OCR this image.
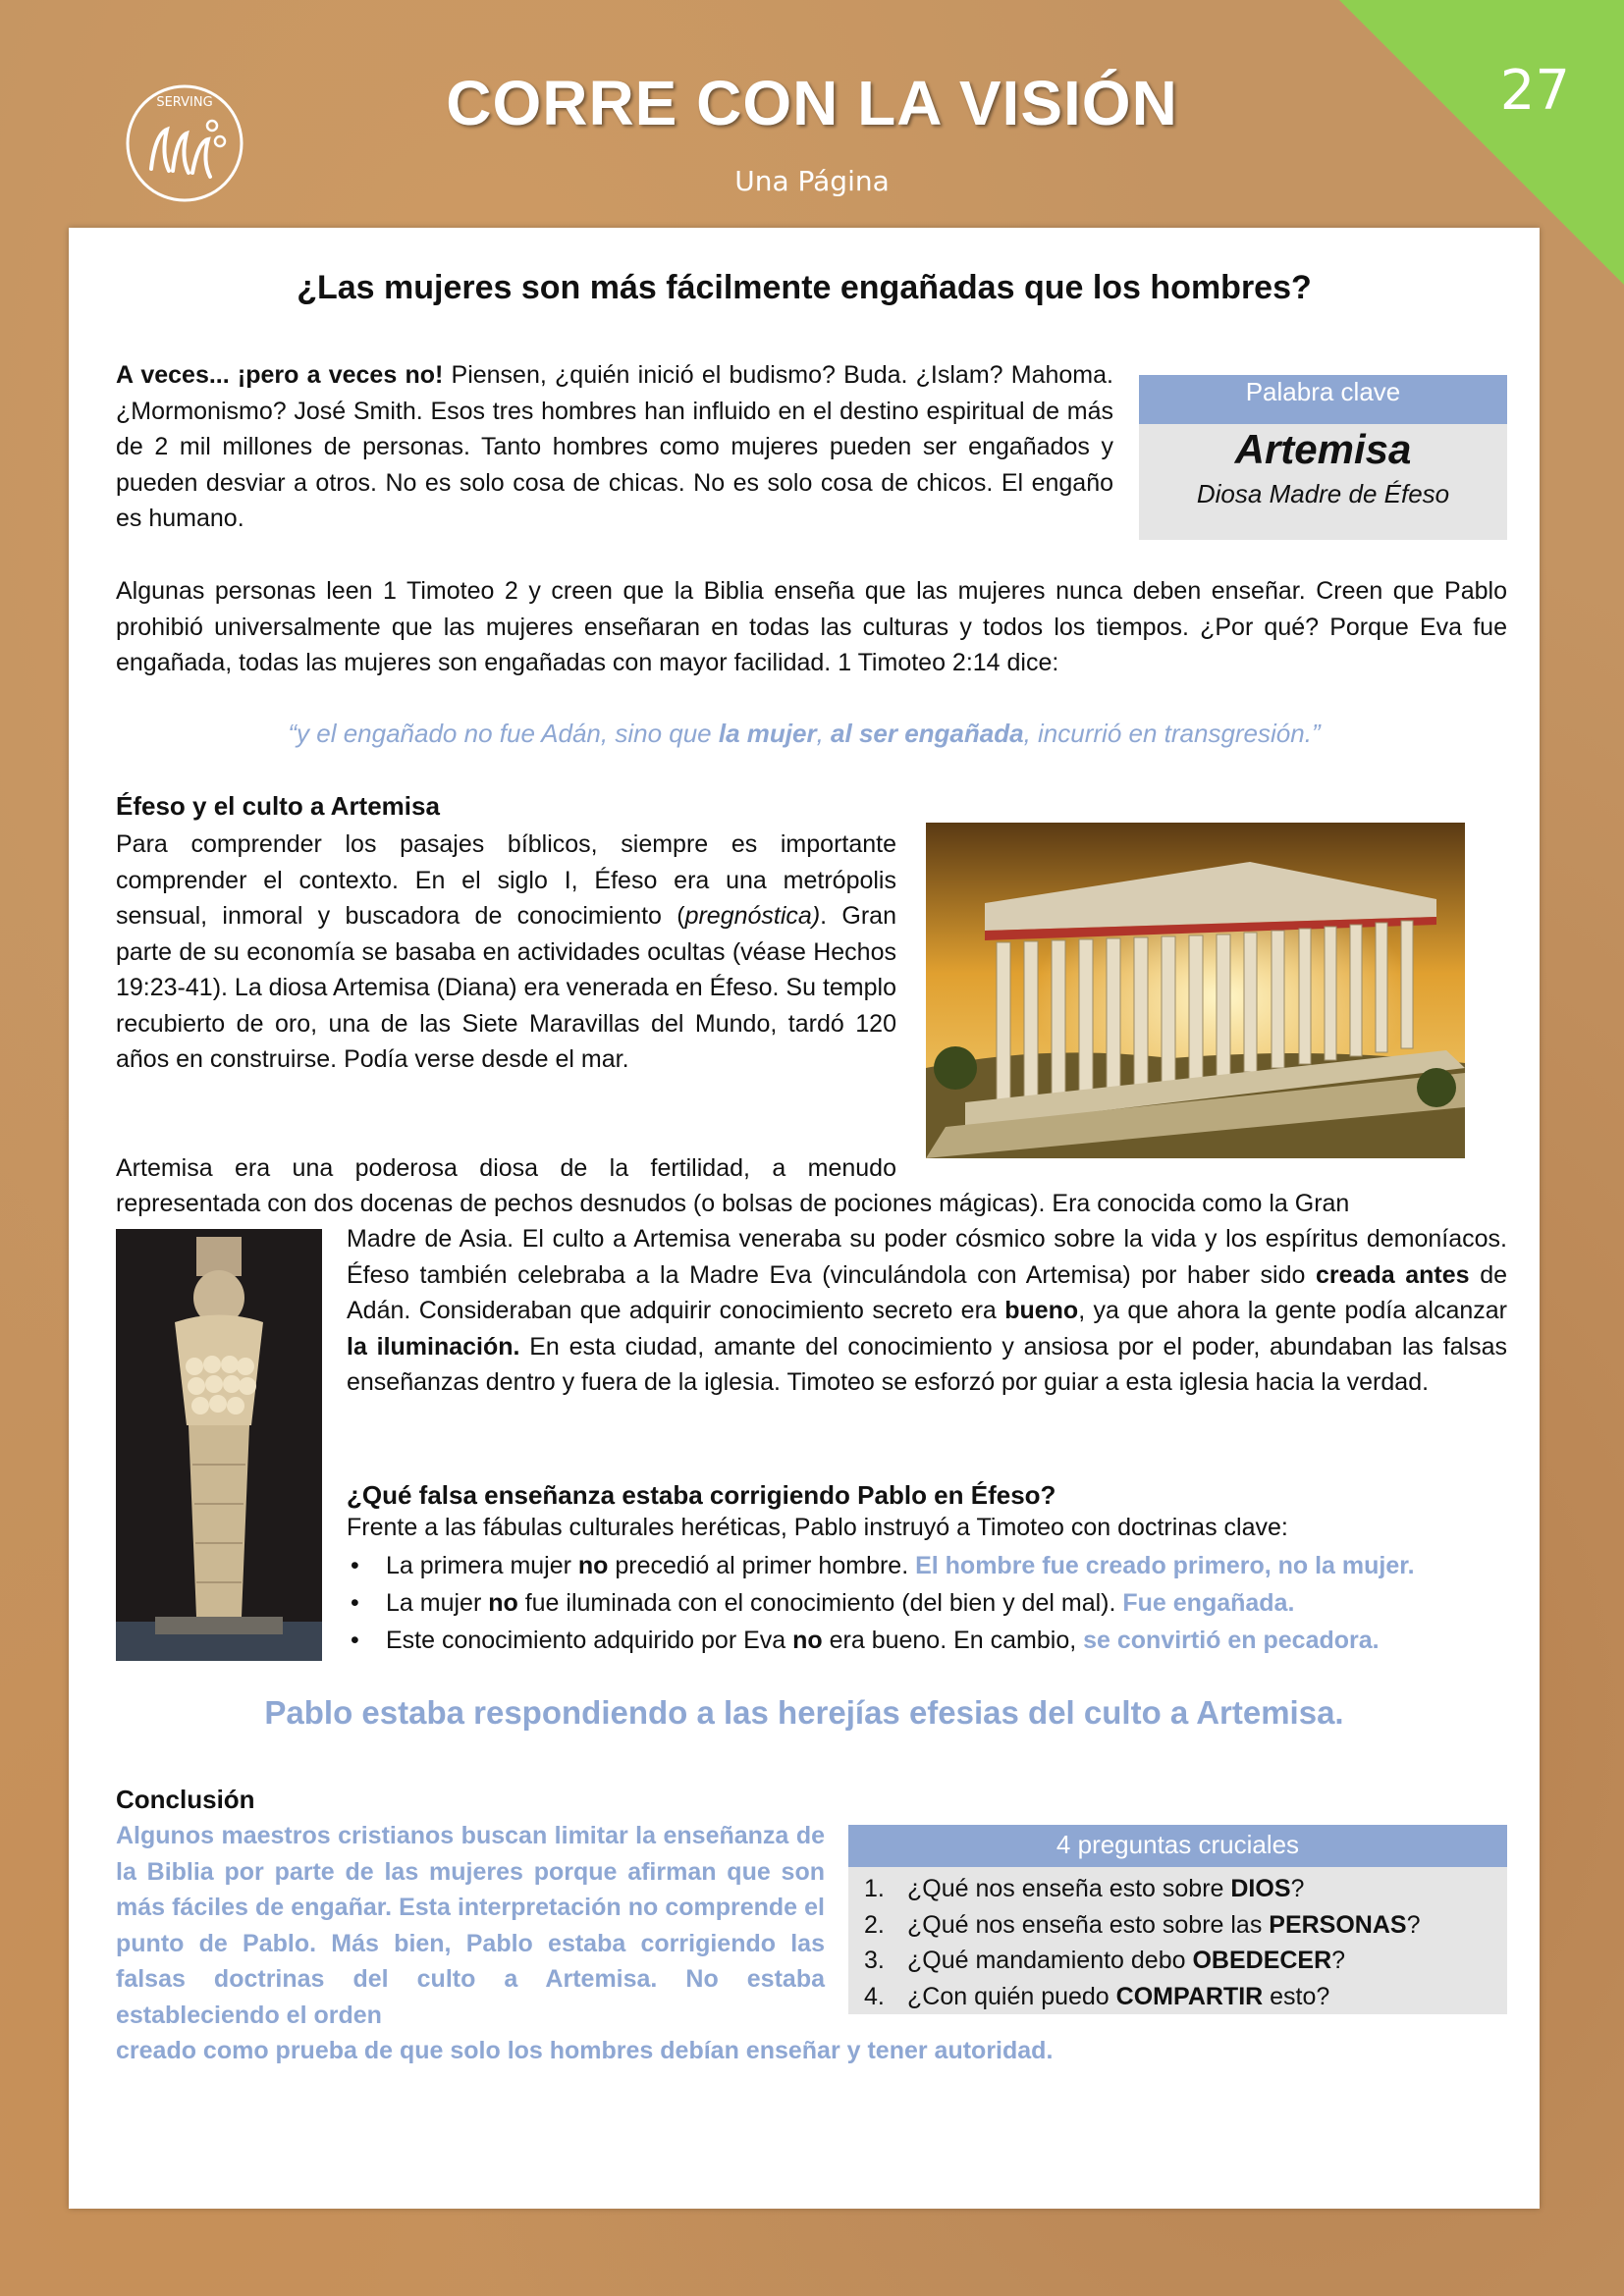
27
SERVING	CORRE CON LA VISIÓN
Una Página
¿Las mujeres son más fácilmente engañadas que los hombres?
A veces... ¡pero a veces no! Piensen, ¿quién inició el budismo? Buda. ¿Islam? Mahoma. ¿Mormonismo? José Smith. Esos tres hombres han influido en el destino espiritual de más de 2 mil millones de personas. Tanto hombres como mujeres pueden ser engañados y pueden desviar a otros. No es solo cosa de chicas. No es solo cosa de chicos. El engaño es humano.
Palabra clave
Artemisa
Diosa Madre de Éfeso
Algunas personas leen 1 Timoteo 2 y creen que la Biblia enseña que las mujeres nunca deben enseñar. Creen que Pablo prohibió universalmente que las mujeres enseñaran en todas las culturas y todos los tiempos. ¿Por qué? Porque Eva fue engañada, todas las mujeres son engañadas con mayor facilidad. 1 Timoteo 2:14 dice:
“y el engañado no fue Adán, sino que la mujer, al ser engañada, incurrió en transgresión.”
Éfeso y el culto a Artemisa
Para comprender los pasajes bíblicos, siempre es importante comprender el contexto. En el siglo I, Éfeso era una metrópolis sensual, inmoral y buscadora de conocimiento (pregnóstica). Gran parte de su economía se basaba en actividades ocultas (véase Hechos 19:23-41). La diosa Artemisa (Diana) era venerada en Éfeso. Su templo recubierto de oro, una de las Siete Maravillas del Mundo, tardó 120 años en construirse. Podía verse desde el mar.
Artemisa era una poderosa diosa de la fertilidad, a menudo
representada con dos docenas de pechos desnudos (o bolsas de pociones mágicas). Era conocida como la Gran
Madre de Asia. El culto a Artemisa veneraba su poder cósmico sobre la vida y los espíritus demoníacos. Éfeso también celebraba a la Madre Eva (vinculándola con Artemisa) por haber sido creada antes de Adán. Consideraban que adquirir conocimiento secreto era bueno, ya que ahora la gente podía alcanzar la iluminación. En esta ciudad, amante del conocimiento y ansiosa por el poder, abundaban las falsas enseñanzas dentro y fuera de la iglesia. Timoteo se esforzó por guiar a esta iglesia hacia la verdad.
¿Qué falsa enseñanza estaba corrigiendo Pablo en Éfeso?
Frente a las fábulas culturales heréticas, Pablo instruyó a Timoteo con doctrinas clave:
• La primera mujer no precedió al primer hombre. El hombre fue creado primero, no la mujer.
• La mujer no fue iluminada con el conocimiento (del bien y del mal). Fue engañada.
• Este conocimiento adquirido por Eva no era bueno. En cambio, se convirtió en pecadora.
Pablo estaba respondiendo a las herejías efesias del culto a Artemisa.
Conclusión
Algunos maestros cristianos buscan limitar la enseñanza de la Biblia por parte de las mujeres porque afirman que son más fáciles de engañar. Esta interpretación no comprende el punto de Pablo. Más bien, Pablo estaba corrigiendo las falsas doctrinas del culto a Artemisa. No estaba estableciendo el orden
creado como prueba de que solo los hombres debían enseñar y tener autoridad.
4 preguntas cruciales
1. ¿Qué nos enseña esto sobre DIOS?
2. ¿Qué nos enseña esto sobre las PERSONAS?
3. ¿Qué mandamiento debo OBEDECER?
4. ¿Con quién puedo COMPARTIR esto?
